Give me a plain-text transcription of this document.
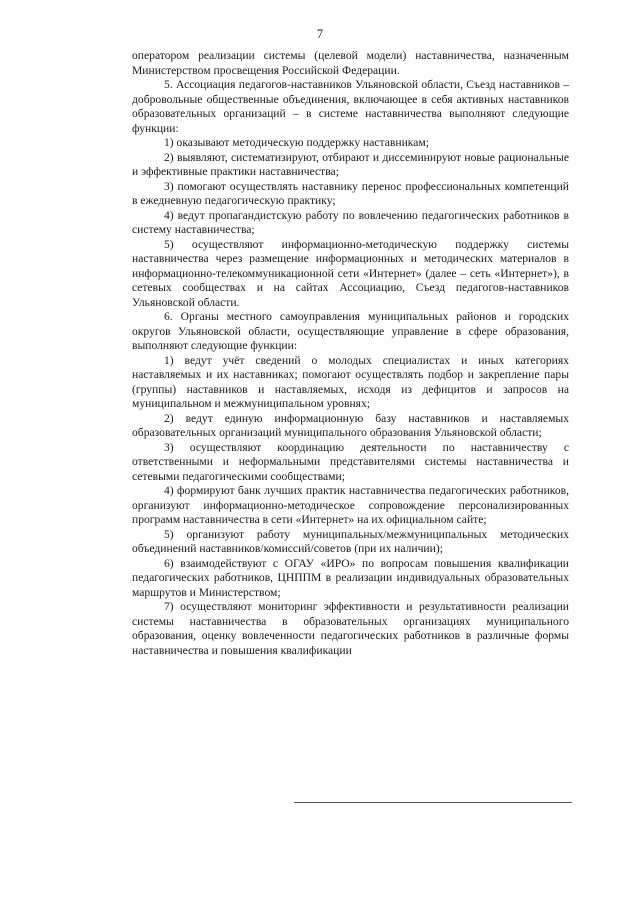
7

оператором реализации системы (целевой модели) наставничества, назначенным Министерством просвещения Российской Федерации.

5. Ассоциация педагогов-наставников Ульяновской области, Съезд наставников – добровольные общественные объединения, включающее в себя активных наставников образовательных организаций – в системе наставничества выполняют следующие функции:

1) оказывают методическую поддержку наставникам;

2) выявляют, систематизируют, отбирают и диссеминируют новые рациональные и эффективные практики наставничества;

3) помогают осуществлять наставнику перенос профессиональных компетенций в ежедневную педагогическую практику;

4) ведут пропагандистскую работу по вовлечению педагогических работников в систему наставничества;

5) осуществляют информационно-методическую поддержку системы наставничества через размещение информационных и методических материалов в информационно-телекоммуникационной сети «Интернет» (далее – сеть «Интернет»), в сетевых сообществах и на сайтах Ассоциацию, Съезд педагогов-наставников Ульяновской области.

6. Органы местного самоуправления муниципальных районов и городских округов Ульяновской области, осуществляющие управление в сфере образования, выполняют следующие функции:

1) ведут учёт сведений о молодых специалистах и иных категориях наставляемых и их наставниках; помогают осуществлять подбор и закрепление пары (группы) наставников и наставляемых, исходя из дефицитов и запросов на муниципальном и межмуниципальном уровнях;

2) ведут единую информационную базу наставников и наставляемых образовательных организаций муниципального образования Ульяновской области;

3) осуществляют координацию деятельности по наставничеству с ответственными и неформальными представителями системы наставничества и сетевыми педагогическими сообществами;

4) формируют банк лучших практик наставничества педагогических работников, организуют информационно-методическое сопровождение персонализированных программ наставничества в сети «Интернет» на их официальном сайте;

5) организуют работу муниципальных/межмуниципальных методических объединений наставников/комиссий/советов (при их наличии);

6) взаимодействуют с ОГАУ «ИРО» по вопросам повышения квалификации педагогических работников, ЦНППМ в реализации индивидуальных образовательных маршрутов и Министерством;

7) осуществляют мониторинг эффективности и результативности реализации системы наставничества в образовательных организациях муниципального образования, оценку вовлеченности педагогических работников в различные формы наставничества и повышения квалификации
